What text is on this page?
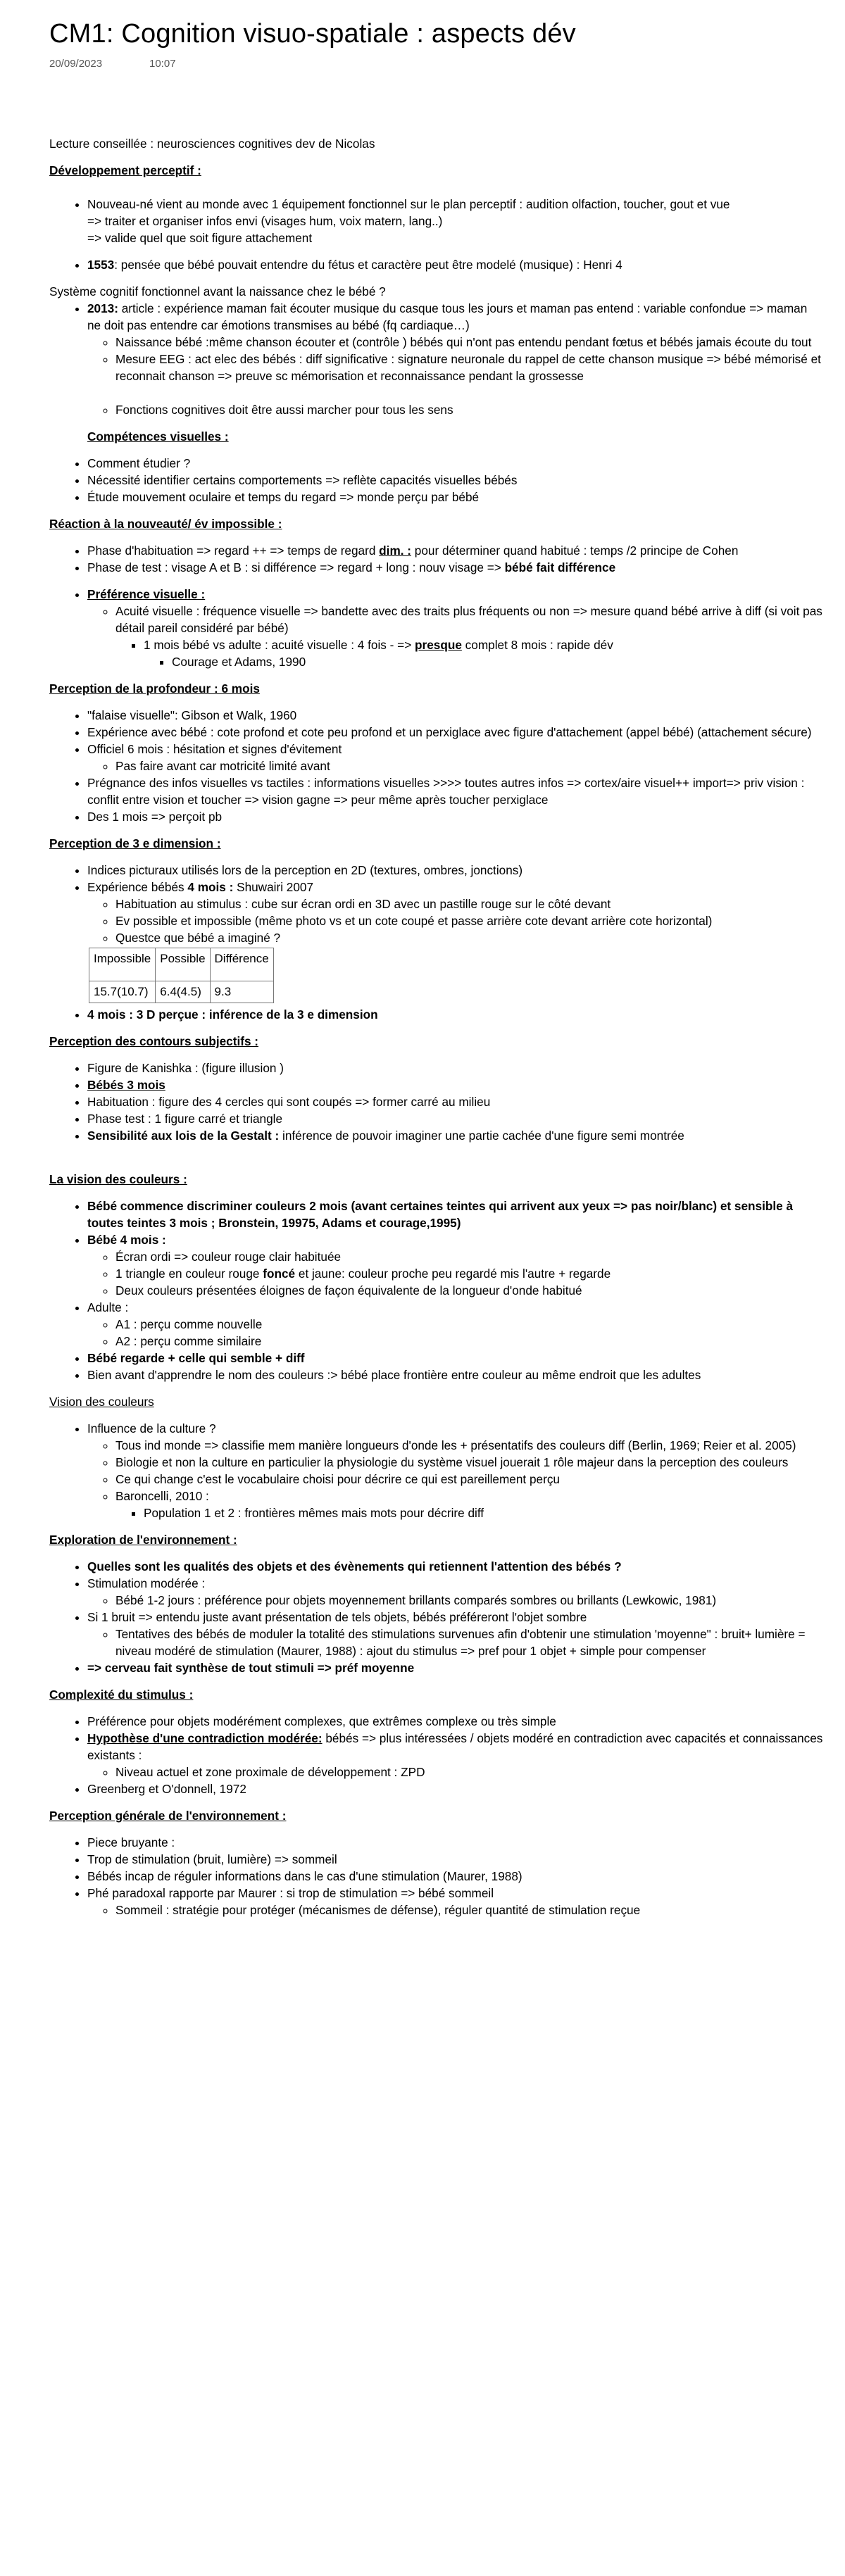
CM1: Cognition visuo-spatiale : aspects dév
20/09/2023	10:07

Lecture conseillée : neurosciences cognitives dev de Nicolas

Développement perceptif :

• Nouveau-né vient au monde avec 1 équipement fonctionnel sur le plan perceptif : audition olfaction, toucher, gout et vue
=> traiter et organiser infos envi (visages hum, voix matern, lang..)
=> valide quel que soit figure attachement
• 1553: pensée que bébé pouvait entendre du fétus et caractère peut être modelé (musique) : Henri 4

Système cognitif fonctionnel avant la naissance chez le bébé ?

• 2013: article : expérience maman fait écouter musique du casque tous les jours et maman pas entend : variable confondue => maman ne doit pas entendre car émotions transmises au bébé (fq cardiaque…)
◦ Naissance bébé :même chanson écouter et (contrôle ) bébés qui n'ont pas entendu pendant fœtus et bébés jamais écoute du tout
◦ Mesure EEG : act elec des bébés : diff significative : signature neuronale du rappel de cette chanson musique => bébé mémorisé et reconnait chanson => preuve sc mémorisation et reconnaissance pendant la grossesse
◦ Fonctions cognitives doit être aussi marcher pour tous les sens

Compétences visuelles :

• Comment étudier ?
• Nécessité identifier certains comportements => reflète capacités visuelles bébés
• Étude mouvement oculaire et temps du regard => monde perçu par bébé

Réaction à la nouveauté/ év impossible :

• Phase d'habituation => regard ++ => temps de regard dim. : pour déterminer quand habitué : temps /2 principe de Cohen
• Phase de test : visage A et B : si différence => regard + long : nouv visage => bébé fait différence
• Préférence visuelle :
◦ Acuité visuelle : fréquence visuelle => bandette avec des traits plus fréquents ou non => mesure quand bébé arrive à diff (si voit pas détail pareil considéré par bébé)
▪ 1 mois bébé vs adulte : acuité visuelle : 4 fois - => presque complet 8 mois : rapide dév
▪ Courage et Adams, 1990

Perception de la profondeur : 6 mois

• "falaise visuelle": Gibson et Walk, 1960
• Expérience avec bébé : cote profond et cote peu profond et un perxiglace avec figure d'attachement (appel bébé) (attachement sécure)
• Officiel 6 mois : hésitation et signes d'évitement
◦ Pas faire avant car motricité limité avant
• Prégnance des infos visuelles vs tactiles : informations visuelles >>>> toutes autres infos => cortex/aire visuel++ import=> priv vision : conflit entre vision et toucher => vision gagne => peur même après toucher perxiglace
• Des 1 mois => perçoit pb

Perception de 3 e dimension :

• Indices picturaux utilisés lors de la perception en 2D (textures, ombres, jonctions)
• Expérience bébés 4 mois : Shuwairi 2007
◦ Habituation au stimulus : cube sur écran ordi en 3D avec un pastille rouge sur le côté devant
◦ Ev possible et impossible (même photo vs et un cote coupé et passe arrière cote devant arrière cote horizontal)
◦ Questce que bébé a imaginé ?
Impossible	Possible	Différence
15.7(10.7)	6.4(4.5)	9.3
• 4 mois : 3 D perçue : inférence de la 3 e dimension

Perception des contours subjectifs :

• Figure de Kanishka : (figure illusion )
• Bébés 3 mois
• Habituation : figure des 4 cercles qui sont coupés => former carré au milieu
• Phase test : 1 figure carré et triangle
• Sensibilité aux lois de la Gestalt : inférence de pouvoir imaginer une partie cachée d'une figure semi montrée

La vision des couleurs :

• Bébé commence discriminer couleurs 2 mois (avant certaines teintes qui arrivent aux yeux => pas noir/blanc) et sensible à toutes teintes 3 mois ; Bronstein, 19975, Adams et courage,1995)
• Bébé 4 mois :
◦ Écran ordi => couleur rouge clair habituée
◦ 1 triangle en couleur rouge foncé et jaune: couleur proche peu regardé mis l'autre + regarde
◦ Deux couleurs présentées éloignes de façon équivalente de la longueur d'onde habitué
• Adulte :
◦ A1 : perçu comme nouvelle
◦ A2 : perçu comme similaire
• Bébé regarde + celle qui semble + diff
• Bien avant d'apprendre le nom des couleurs :> bébé place frontière entre couleur au même endroit que les adultes

Vision des couleurs

• Influence de la culture ?
◦ Tous ind monde => classifie mem manière longueurs d'onde les + présentatifs des couleurs diff (Berlin, 1969; Reier et al. 2005)
◦ Biologie et non la culture en particulier la physiologie du système visuel jouerait 1 rôle majeur dans la perception des couleurs
◦ Ce qui change c'est le vocabulaire choisi pour décrire ce qui est pareillement perçu
◦ Baroncelli, 2010 :
▪ Population 1 et 2 : frontières mêmes mais mots pour décrire diff

Exploration de l'environnement :

• Quelles sont les qualités des objets et des évènements qui retiennent l'attention des bébés ?
• Stimulation modérée :
◦ Bébé 1-2 jours : préférence pour objets moyennement brillants comparés sombres ou brillants (Lewkowic, 1981)
• Si 1 bruit => entendu juste avant présentation de tels objets, bébés préféreront l'objet sombre
◦ Tentatives des bébés de moduler la totalité des stimulations survenues afin d'obtenir une stimulation 'moyenne" : bruit+ lumière = niveau modéré de stimulation (Maurer, 1988) : ajout du stimulus => pref pour 1 objet + simple pour compenser
• => cerveau fait synthèse de tout stimuli => préf moyenne

Complexité du stimulus :

• Préférence pour objets modérément complexes, que extrêmes complexe ou très simple
• Hypothèse d'une contradiction modérée: bébés => plus intéressées / objets modéré en contradiction avec capacités et connaissances existants :
◦ Niveau actuel et zone proximale de développement : ZPD
• Greenberg et O'donnell, 1972

Perception générale de l'environnement :

• Piece bruyante :
• Trop de stimulation (bruit, lumière) => sommeil
• Bébés incap de réguler informations dans le cas d'une stimulation (Maurer, 1988)
• Phé paradoxal rapporte par Maurer : si trop de stimulation => bébé sommeil
◦ Sommeil : stratégie pour protéger (mécanismes de défense), réguler quantité de stimulation reçue
